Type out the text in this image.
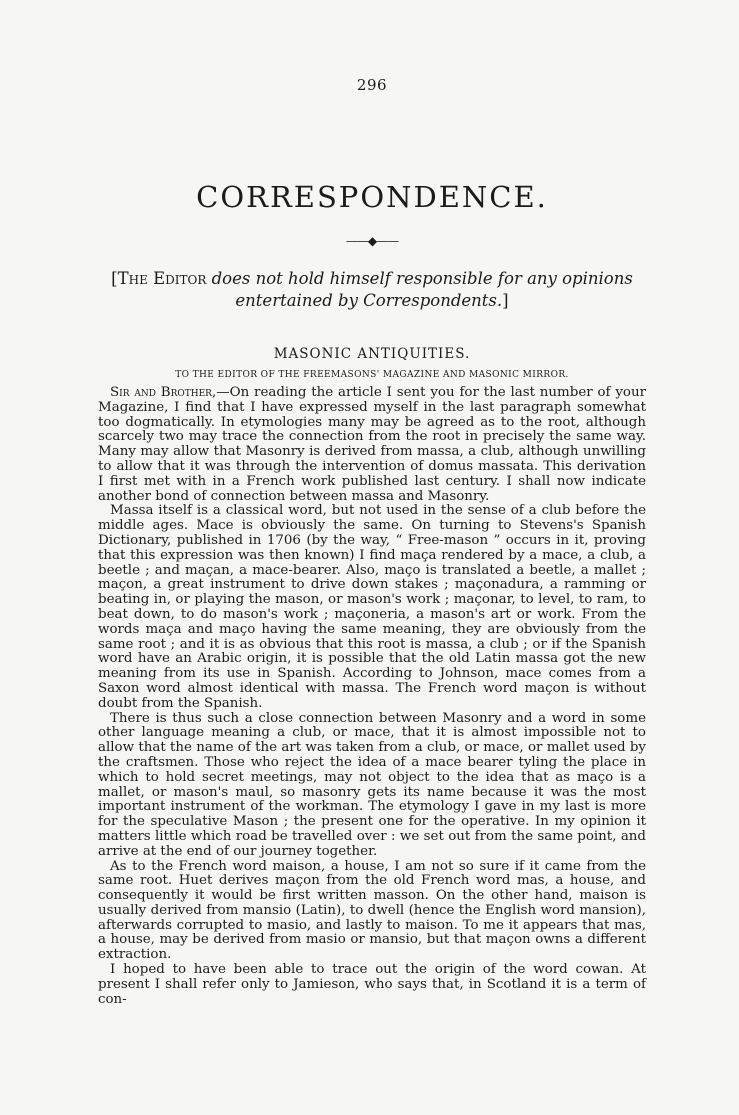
296
CORRESPONDENCE.
——◆——
[The Editor does not hold himself responsible for any opinions entertained by Correspondents.]
MASONIC ANTIQUITIES.
TO THE EDITOR OF THE FREEMASONS' MAGAZINE AND MASONIC MIRROR.

Sir and Brother,—On reading the article I sent you for the last number of your Magazine, I find that I have expressed myself in the last paragraph somewhat too dogmatically. In etymologies many may be agreed as to the root, although scarcely two may trace the connection from the root in precisely the same way. Many may allow that Masonry is derived from massa, a club, although unwilling to allow that it was through the intervention of domus massata. This derivation I first met with in a French work published last century. I shall now indicate another bond of connection between massa and Masonry.

Massa itself is a classical word, but not used in the sense of a club before the middle ages. Mace is obviously the same. On turning to Stevens's Spanish Dictionary, published in 1706 (by the way, “ Free-mason ” occurs in it, proving that this expression was then known) I find maça rendered by a mace, a club, a beetle ; and maçan, a mace-bearer. Also, maço is translated a beetle, a mallet ; maçon, a great instrument to drive down stakes ; maçonadura, a ramming or beating in, or playing the mason, or mason's work ; maçonar, to level, to ram, to beat down, to do mason's work ; maçoneria, a mason's art or work. From the words maça and maço having the same meaning, they are obviously from the same root ; and it is as obvious that this root is massa, a club ; or if the Spanish word have an Arabic origin, it is possible that the old Latin massa got the new meaning from its use in Spanish. According to Johnson, mace comes from a Saxon word almost identical with massa. The French word maçon is without doubt from the Spanish.

There is thus such a close connection between Masonry and a word in some other language meaning a club, or mace, that it is almost impossible not to allow that the name of the art was taken from a club, or mace, or mallet used by the craftsmen. Those who reject the idea of a mace bearer tyling the place in which to hold secret meetings, may not object to the idea that as maço is a mallet, or mason's maul, so masonry gets its name because it was the most important instrument of the workman. The etymology I gave in my last is more for the speculative Mason ; the present one for the operative. In my opinion it matters little which road be travelled over : we set out from the same point, and arrive at the end of our journey together.

As to the French word maison, a house, I am not so sure if it came from the same root. Huet derives maçon from the old French word mas, a house, and consequently it would be first written masson. On the other hand, maison is usually derived from mansio (Latin), to dwell (hence the English word mansion), afterwards corrupted to masio, and lastly to maison. To me it appears that mas, a house, may be derived from masio or mansio, but that maçon owns a different extraction.

I hoped to have been able to trace out the origin of the word cowan. At present I shall refer only to Jamieson, who says that, in Scotland it is a term of con-
